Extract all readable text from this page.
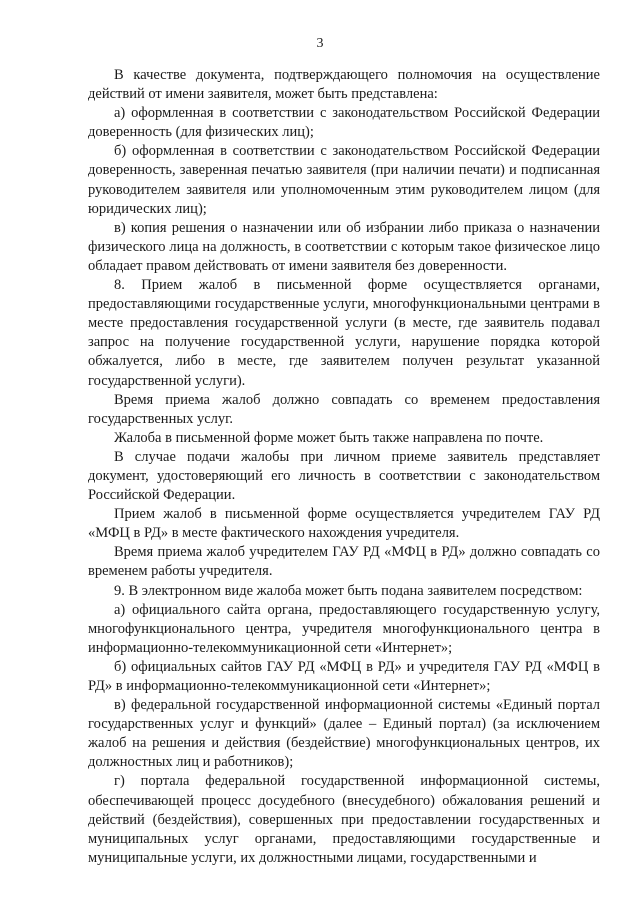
3

В качестве документа, подтверждающего полномочия на осуществление действий от имени заявителя, может быть представлена:

а) оформленная в соответствии с законодательством Российской Федерации доверенность (для физических лиц);

б) оформленная в соответствии с законодательством Российской Федерации доверенность, заверенная печатью заявителя (при наличии печати) и подписанная руководителем заявителя или уполномоченным этим руководителем лицом (для юридических лиц);

в) копия решения о назначении или об избрании либо приказа о назначении физического лица на должность, в соответствии с которым такое физическое лицо обладает правом действовать от имени заявителя без доверенности.

8. Прием жалоб в письменной форме осуществляется органами, предоставляющими государственные услуги, многофункциональными центрами в месте предоставления государственной услуги (в месте, где заявитель подавал запрос на получение государственной услуги, нарушение порядка которой обжалуется, либо в месте, где заявителем получен результат указанной государственной услуги).

Время приема жалоб должно совпадать со временем предоставления государственных услуг.

Жалоба в письменной форме может быть также направлена по почте.

В случае подачи жалобы при личном приеме заявитель представляет документ, удостоверяющий его личность в соответствии с законодательством Российской Федерации.

Прием жалоб в письменной форме осуществляется учредителем ГАУ РД «МФЦ в РД» в месте фактического нахождения учредителя.

Время приема жалоб учредителем ГАУ РД «МФЦ в РД» должно совпадать со временем работы учредителя.

9. В электронном виде жалоба может быть подана заявителем посредством:

а) официального сайта органа, предоставляющего государственную услугу, многофункционального центра, учредителя многофункционального центра в информационно-телекоммуникационной сети «Интернет»;

б) официальных сайтов ГАУ РД «МФЦ в РД» и учредителя ГАУ РД «МФЦ в РД» в информационно-телекоммуникационной сети «Интернет»;

в) федеральной государственной информационной системы «Единый портал государственных услуг и функций» (далее – Единый портал) (за исключением жалоб на решения и действия (бездействие) многофункциональных центров, их должностных лиц и работников);

г) портала федеральной государственной информационной системы, обеспечивающей процесс досудебного (внесудебного) обжалования решений и действий (бездействия), совершенных при предоставлении государственных и муниципальных услуг органами, предоставляющими государственные и муниципальные услуги, их должностными лицами, государственными и
